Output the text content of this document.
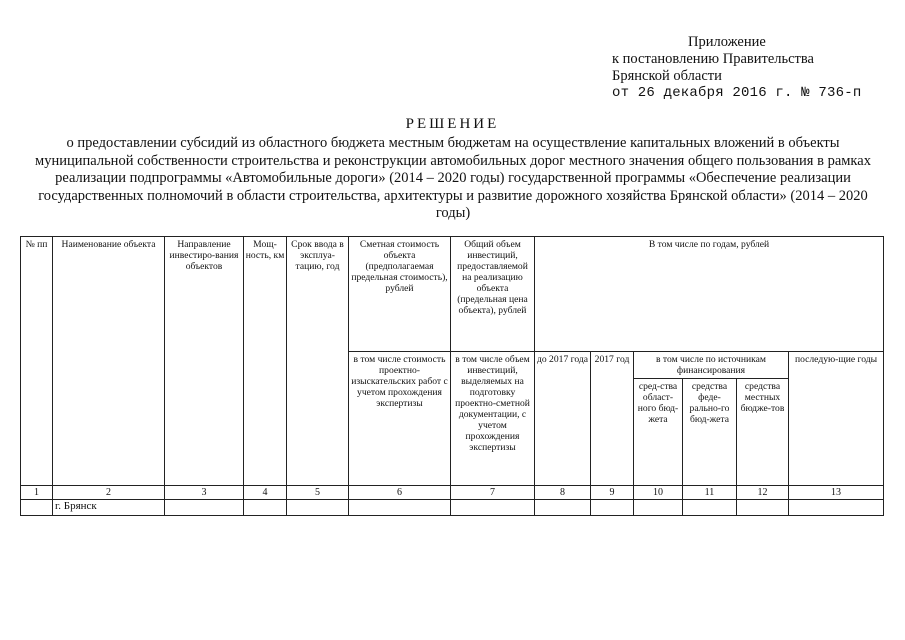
Приложение
к постановлению Правительства
Брянской области
от 26 декабря 2016 г. № 736-п
РЕШЕНИЕ
о предоставлении субсидий из областного бюджета местным бюджетам на осуществление капитальных вложений в объекты муниципальной собственности строительства и реконструкции автомобильных дорог местного значения общего пользования в рамках реализации подпрограммы «Автомобильные дороги» (2014 – 2020 годы) государственной программы «Обеспечение реализации государственных полномочий в области строительства, архитектуры и развитие дорожного хозяйства Брянской области» (2014 – 2020 годы)
№ пп	Наименование объекта	Направление инвестиро-вания объектов	Мощ-ность, км	Срок ввода в эксплуа-тацию, год	Сметная стоимость объекта (предполагаемая предельная стоимость), рублей	Общий объем инвестиций, предоставляемой на реализацию объекта (предельная цена объекта), рублей	В том числе по годам, рублей					
					в том числе стоимость проектно-изыскательских работ с учетом прохождения экспертизы	в том числе объем инвестиций, выделяемых на подготовку проектно-сметной документации, с учетом прохождения экспертизы	до 2017 года	2017 год	в том числе по источникам финансирования			последую-щие годы
									сред-ства област-ного бюд-жета	средства феде-рально-го бюд-жета	средства местных бюдже-тов	
1	2	3	4	5	6	7	8	9	10	11	12	13
	г. Брянск											
